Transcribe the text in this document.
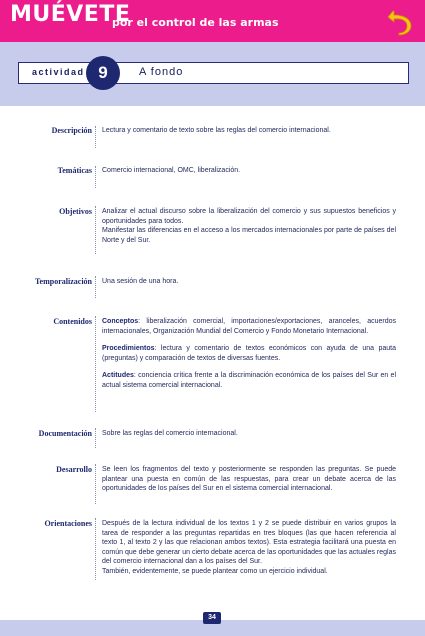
MUÉVETE
por el control de las armas
actividad 9	A fondo
Descripción Lectura y comentario de texto sobre las reglas del comercio internacional.
Temáticas Comercio internacional, OMC, liberalización.
Objetivos Analizar el actual discurso sobre la liberalización del comercio y sus supuestos beneficios y oportunidades para todos.
Manifestar las diferencias en el acceso a los mercados internacionales por parte de países del Norte y del Sur.
Temporalización Una sesión de una hora.
Contenidos Conceptos: liberalización comercial, importaciones/exportaciones, aranceles, acuerdos internacionales, Organización Mundial del Comercio y Fondo Monetario Internacional.

Procedimientos: lectura y comentario de textos económicos con ayuda de una pauta (preguntas) y comparación de textos de diversas fuentes.

Actitudes: conciencia crítica frente a la discriminación económica de los países del Sur en el actual sistema comercial internacional.

Documentación Sobre las reglas del comercio internacional.
Desarrollo Se leen los fragmentos del texto y posteriormente se responden las preguntas. Se puede plantear una puesta en común de las respuestas, para crear un debate acerca de las oportunidades de los países del Sur en el sistema comercial internacional.
Orientaciones Después de la lectura individual de los textos 1 y 2 se puede distribuir en varios grupos la tarea de responder a las preguntas repartidas en tres bloques (las que hacen referencia al texto 1, al texto 2 y las que relacionan ambos textos). Esta estrategia facilitará una puesta en común que debe generar un cierto debate acerca de las oportunidades que las actuales reglas del comercio internacional dan a los países del Sur.
También, evidentemente, se puede plantear como un ejercicio individual.
34
